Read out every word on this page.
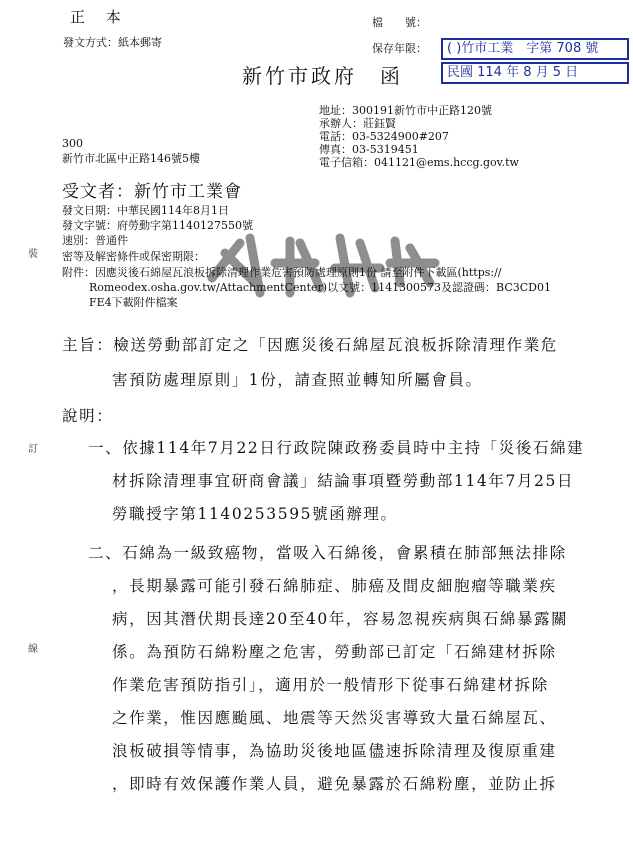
正 本
發文方式：紙本郵寄
檔　　號：
保存年限：	( )竹市工業　字第 708 號
民國 114 年 8 月 5 日
新竹市政府　函
地址：300191新竹市中正路120號
承辦人：莊鈺賢
電話：03-5324900#207
傳真：03-5319451
電子信箱：041121@ems.hccg.gov.tw
300
新竹市北區中正路146號5樓
受文者：新竹市工業會
發文日期：中華民國114年8月1日
發文字號：府勞動字第1140127550號
速別：普通件
密等及解密條件或保密期限：
附件：因應災後石綿屋瓦浪板拆除清理作業危害預防處理原則1份 請至附件下載區(https://
Romeodex.osha.gov.tw/AttachmentCenter)以文號：1141300573及認證碼：BC3CD01
FE4下載附件檔案
主旨：檢送勞動部訂定之「因應災後石綿屋瓦浪板拆除清理作業危
害預防處理原則」1份，請查照並轉知所屬會員。
說明：
一、依據114年7月22日行政院陳政務委員時中主持「災後石綿建
材拆除清理事宜研商會議」結論事項暨勞動部114年7月25日
勞職授字第1140253595號函辦理。
二、石綿為一級致癌物，當吸入石綿後，會累積在肺部無法排除
，長期暴露可能引發石綿肺症、肺癌及間皮細胞瘤等職業疾
病，因其潛伏期長達20至40年，容易忽視疾病與石綿暴露關
係。為預防石綿粉塵之危害，勞動部已訂定「石綿建材拆除
作業危害預防指引」，適用於一般情形下從事石綿建材拆除
之作業，惟因應颱風、地震等天然災害導致大量石綿屋瓦、
浪板破損等情事，為協助災後地區儘速拆除清理及復原重建
，即時有效保護作業人員，避免暴露於石綿粉塵，並防止拆
裝
訂
線
